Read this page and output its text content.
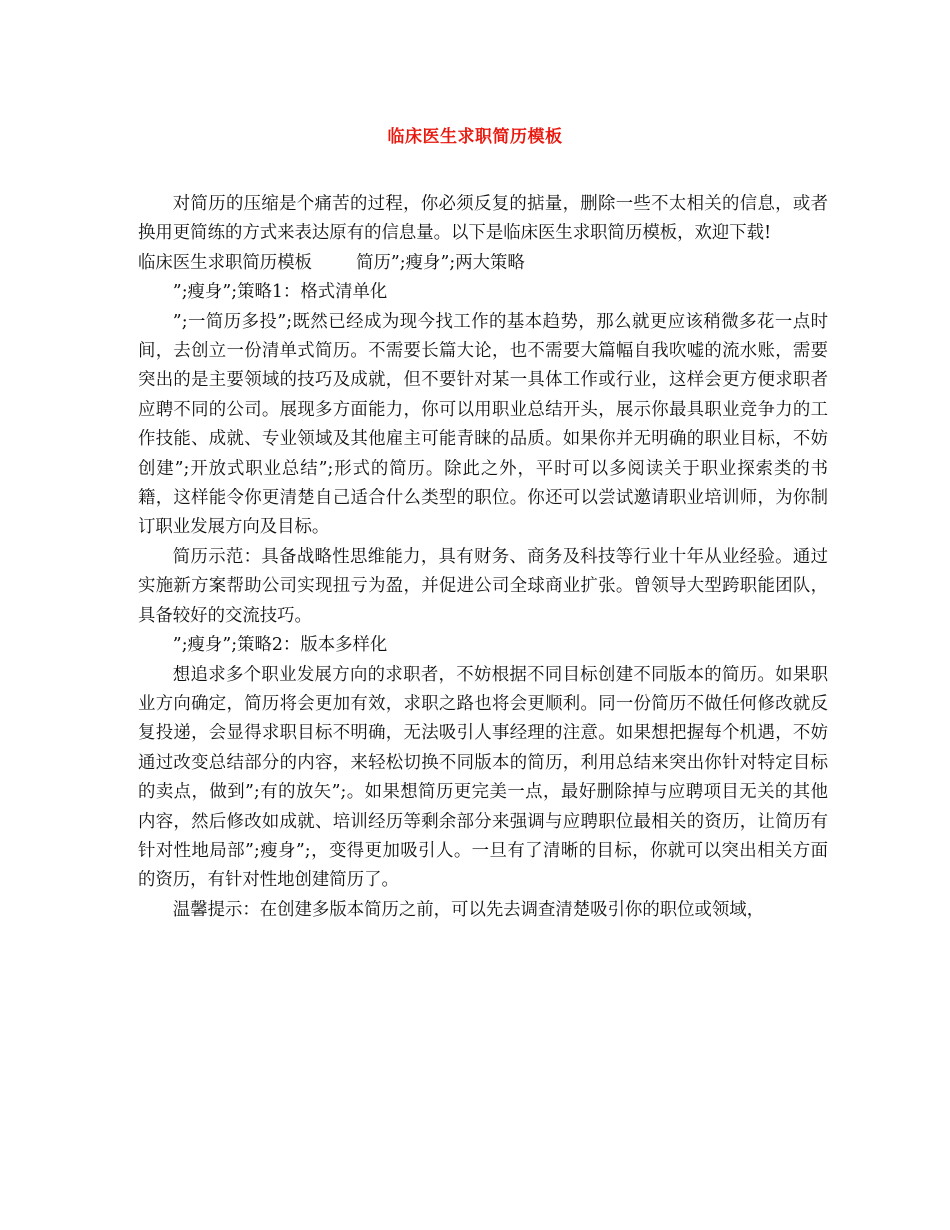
临床医生求职简历模板

对简历的压缩是个痛苦的过程，你必须反复的掂量，删除一些不太相关的信息，或者换用更简练的方式来表达原有的信息量。以下是临床医生求职简历模板，欢迎下载!

临床医生求职简历模板        简历”;瘦身”;两大策略

”;瘦身”;策略1：格式清单化

”;一简历多投”;既然已经成为现今找工作的基本趋势，那么就更应该稍微多花一点时间，去创立一份清单式简历。不需要长篇大论，也不需要大篇幅自我吹嘘的流水账，需要突出的是主要领域的技巧及成就，但不要针对某一具体工作或行业，这样会更方便求职者应聘不同的公司。展现多方面能力，你可以用职业总结开头，展示你最具职业竞争力的工作技能、成就、专业领域及其他雇主可能青睐的品质。如果你并无明确的职业目标，不妨创建”;开放式职业总结”;形式的简历。除此之外，平时可以多阅读关于职业探索类的书籍，这样能令你更清楚自己适合什么类型的职位。你还可以尝试邀请职业培训师，为你制订职业发展方向及目标。

简历示范：具备战略性思维能力，具有财务、商务及科技等行业十年从业经验。通过实施新方案帮助公司实现扭亏为盈，并促进公司全球商业扩张。曾领导大型跨职能团队，具备较好的交流技巧。

”;瘦身”;策略2：版本多样化

想追求多个职业发展方向的求职者，不妨根据不同目标创建不同版本的简历。如果职业方向确定，简历将会更加有效，求职之路也将会更顺利。同一份简历不做任何修改就反复投递，会显得求职目标不明确，无法吸引人事经理的注意。如果想把握每个机遇，不妨通过改变总结部分的内容，来轻松切换不同版本的简历，利用总结来突出你针对特定目标的卖点，做到”;有的放矢”;。如果想简历更完美一点，最好删除掉与应聘项目无关的其他内容，然后修改如成就、培训经历等剩余部分来强调与应聘职位最相关的资历，让简历有针对性地局部”;瘦身”;，变得更加吸引人。一旦有了清晰的目标，你就可以突出相关方面的资历，有针对性地创建简历了。

温馨提示：在创建多版本简历之前，可以先去调查清楚吸引你的职位或领域，
